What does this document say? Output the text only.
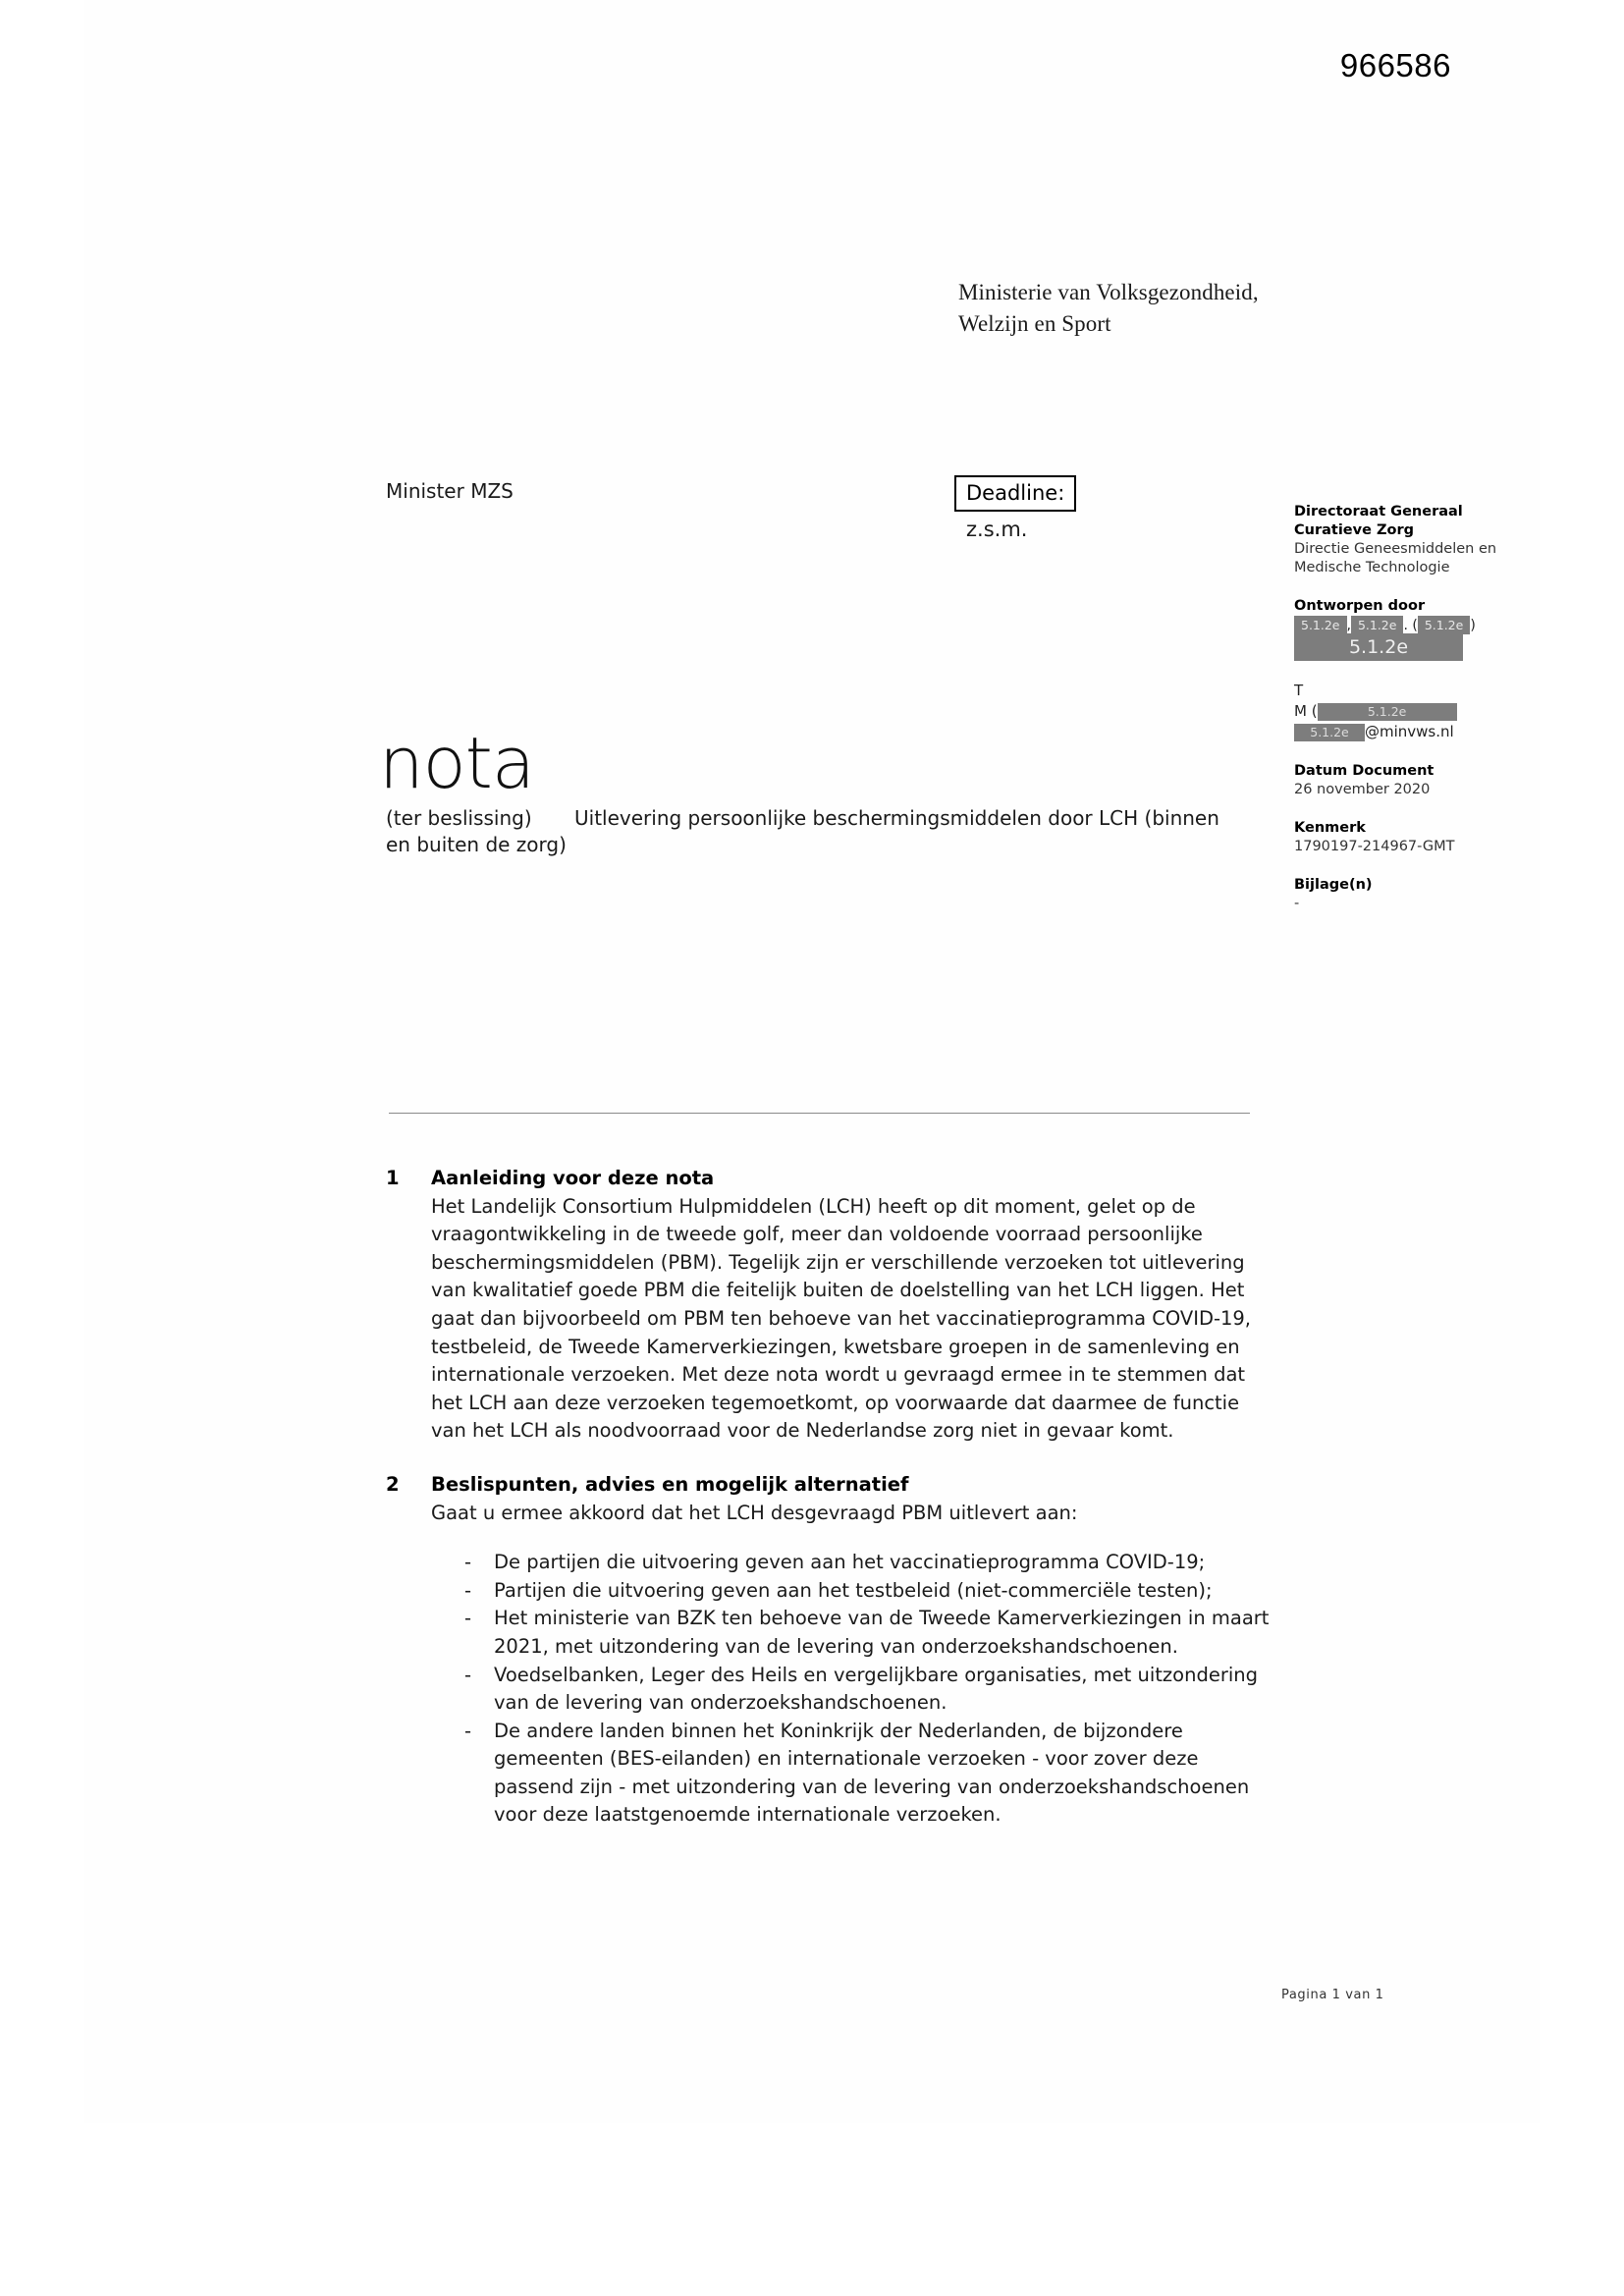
966586
Ministerie van Volksgezondheid,
Welzijn en Sport
Minister MZS	Deadline:
z.s.m.
Directoraat Generaal
Curatieve Zorg
Directie Geneesmiddelen en
Medische Technologie
Ontworpen door
5.1.2e , 5.1.2e . ( 5.1.2e )
5.1.2e
T
M (	5.1.2e
5.1.2e @minvws.nl
Datum Document
26 november 2020
Kenmerk
1790197-214967-GMT
Bijlage(n)
-
nota
(ter beslissing) Uitlevering persoonlijke beschermingsmiddelen door LCH (binnen en buiten de zorg)
1	Aanleiding voor deze nota

Het Landelijk Consortium Hulpmiddelen (LCH) heeft op dit moment, gelet op de vraagontwikkeling in de tweede golf, meer dan voldoende voorraad persoonlijke beschermingsmiddelen (PBM). Tegelijk zijn er verschillende verzoeken tot uitlevering van kwalitatief goede PBM die feitelijk buiten de doelstelling van het LCH liggen. Het gaat dan bijvoorbeeld om PBM ten behoeve van het vaccinatieprogramma COVID-19, testbeleid, de Tweede Kamerverkiezingen, kwetsbare groepen in de samenleving en internationale verzoeken. Met deze nota wordt u gevraagd ermee in te stemmen dat het LCH aan deze verzoeken tegemoetkomt, op voorwaarde dat daarmee de functie van het LCH als noodvoorraad voor de Nederlandse zorg niet in gevaar komt.

2	Beslispunten, advies en mogelijk alternatief

Gaat u ermee akkoord dat het LCH desgevraagd PBM uitlevert aan:

- De partijen die uitvoering geven aan het vaccinatieprogramma COVID-19;
- Partijen die uitvoering geven aan het testbeleid (niet-commerciële testen);
- Het ministerie van BZK ten behoeve van de Tweede Kamerverkiezingen in maart 2021, met uitzondering van de levering van onderzoekshandschoenen.
- Voedselbanken, Leger des Heils en vergelijkbare organisaties, met uitzondering van de levering van onderzoekshandschoenen.
- De andere landen binnen het Koninkrijk der Nederlanden, de bijzondere gemeenten (BES-eilanden) en internationale verzoeken - voor zover deze passend zijn - met uitzondering van de levering van onderzoekshandschoenen voor deze laatstgenoemde internationale verzoeken.
Pagina 1 van 1
